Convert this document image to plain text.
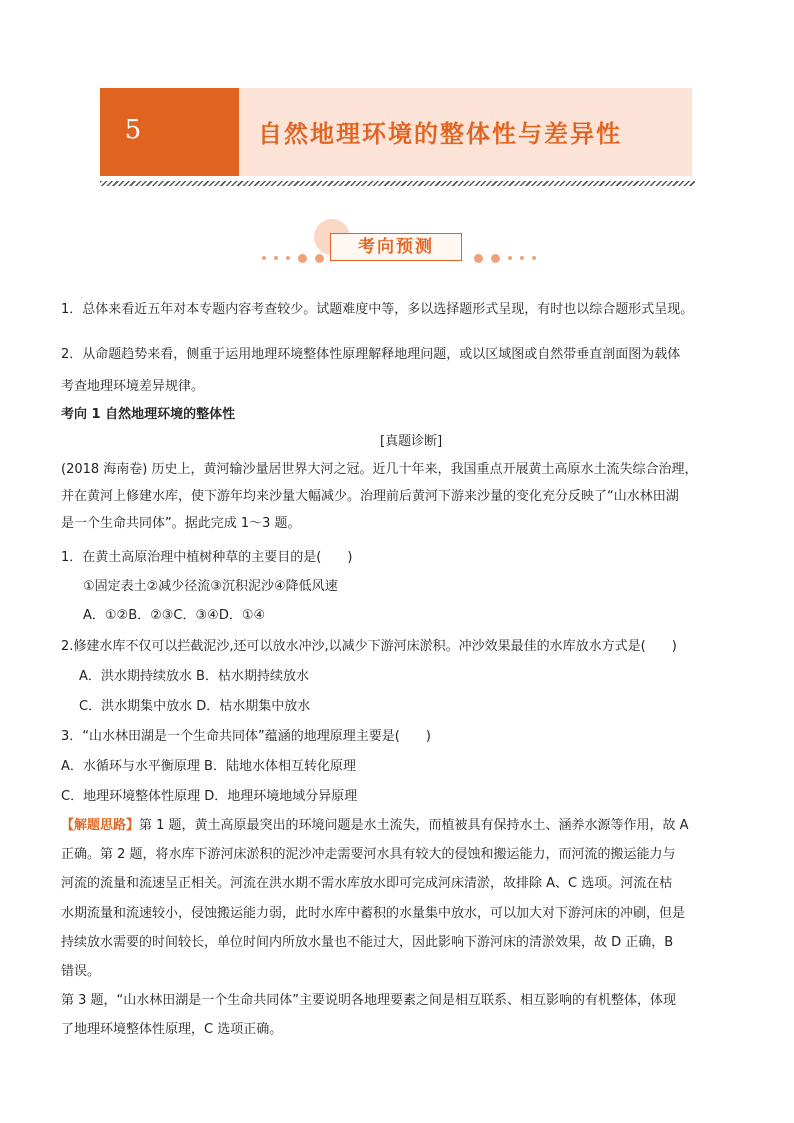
5	自然地理环境的整体性与差异性
考向预测
1．总体来看近五年对本专题内容考查较少。试题难度中等，多以选择题形式呈现，有时也以综合题形式呈现。
2．从命题趋势来看，侧重于运用地理环境整体性原理解释地理问题，或以区域图或自然带垂直剖面图为载体
考查地理环境差异规律。
考向 1 自然地理环境的整体性
[真题诊断]
(2018 海南卷) 历史上，黄河输沙量居世界大河之冠。近几十年来，我国重点开展黄土高原水土流失综合治理，
并在黄河上修建水库，使下游年均来沙量大幅减少。治理前后黄河下游来沙量的变化充分反映了“山水林田湖
是一个生命共同体”。据此完成 1～3 题。
1．在黄土高原治理中植树种草的主要目的是(　　)
①固定表土②减少径流③沉积泥沙④降低风速
A．①②B．②③C．③④D．①④
2.修建水库不仅可以拦截泥沙,还可以放水冲沙,以减少下游河床淤积。冲沙效果最佳的水库放水方式是(　　)
A．洪水期持续放水 B．枯水期持续放水
C．洪水期集中放水 D．枯水期集中放水
3．“山水林田湖是一个生命共同体”蕴涵的地理原理主要是(　　)
A．水循环与水平衡原理 B．陆地水体相互转化原理
C．地理环境整体性原理 D．地理环境地域分异原理
【解题思路】第 1 题，黄土高原最突出的环境问题是水土流失，而植被具有保持水土、涵养水源等作用，故 A
正确。第 2 题，将水库下游河床淤积的泥沙冲走需要河水具有较大的侵蚀和搬运能力，而河流的搬运能力与
河流的流量和流速呈正相关。河流在洪水期不需水库放水即可完成河床清淤，故排除 A、C 选项。河流在枯
水期流量和流速较小，侵蚀搬运能力弱，此时水库中蓄积的水量集中放水，可以加大对下游河床的冲刷，但是
持续放水需要的时间较长，单位时间内所放水量也不能过大，因此影响下游河床的清淤效果，故 D 正确，B
错误。
第 3 题，“山水林田湖是一个生命共同体”主要说明各地理要素之间是相互联系、相互影响的有机整体，体现
了地理环境整体性原理，C 选项正确。
